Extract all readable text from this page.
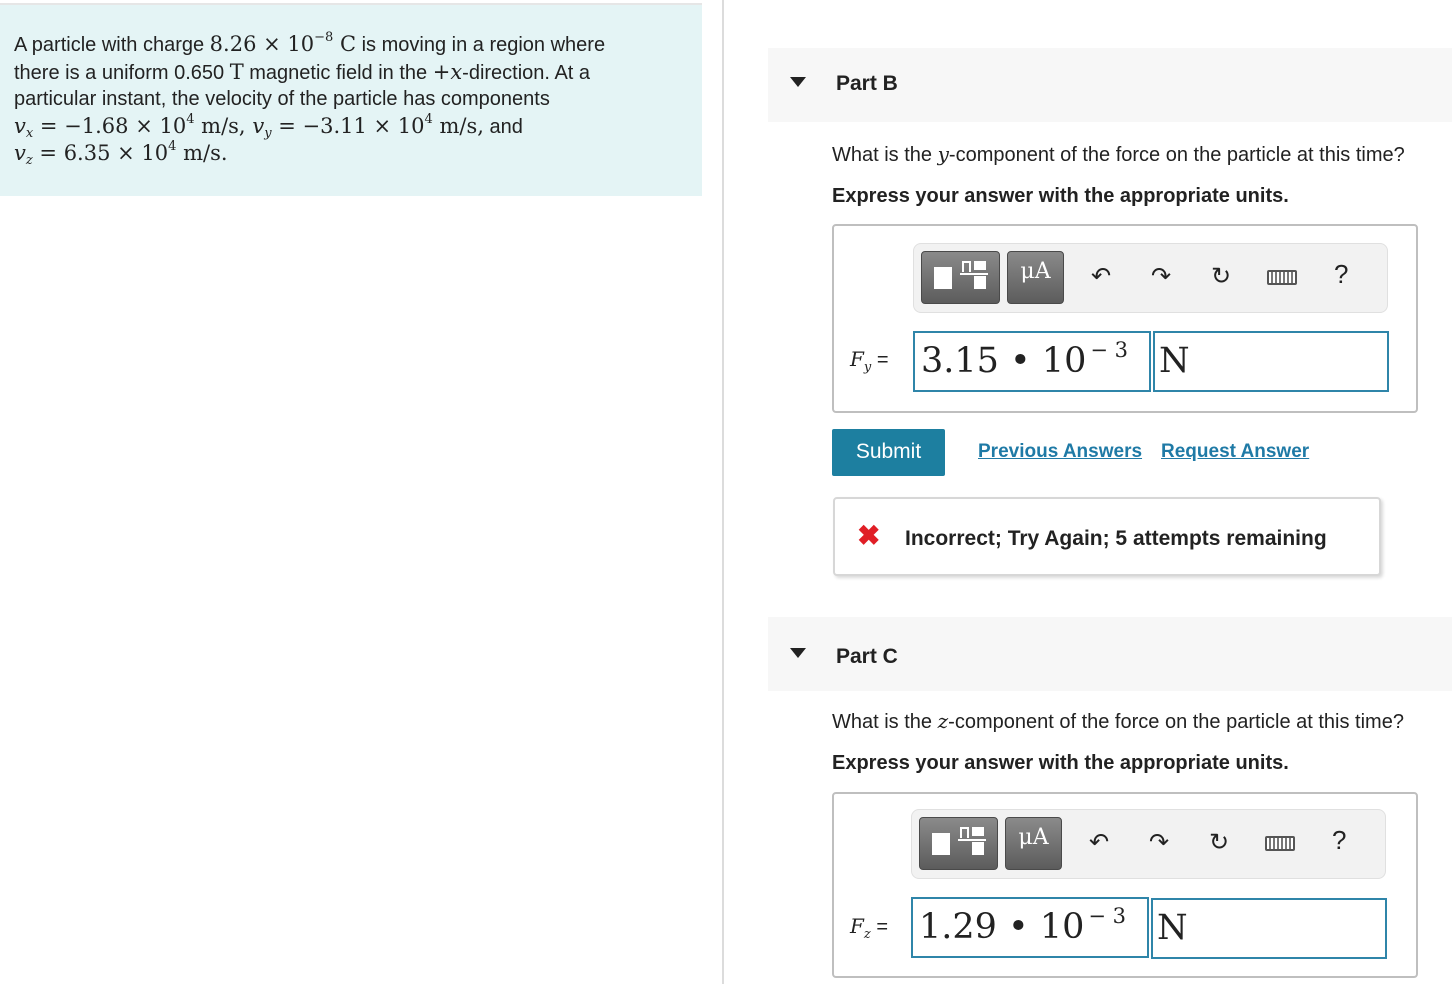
A particle with charge $8.26 \times 10^{-8}$ C is moving in a region where
there is a uniform 0.650 T magnetic field in the +x-direction. At a
particular instant, the velocity of the particle has components
$v_x = -1.68 \times 10^4$ m/s, $v_y = -3.11 \times 10^4$ m/s, and
$v_z = 6.35 \times 10^4$ m/s.
Part B
What is the y-component of the force on the particle at this time?
Express your answer with the appropriate units.
μA	↶ ↷ ↻	?
$F_y = 3.15$ • 10 $^{- 3}$ N
Submit	Previous Answers Request Answer
✖ Incorrect; Try Again; 5 attempts remaining
Part C
What is the z-component of the force on the particle at this time?
Express your answer with the appropriate units.
μA	↶ ↷ ↻	?
$F_z = 1.29$ • 10 $^{- 3}$ N
